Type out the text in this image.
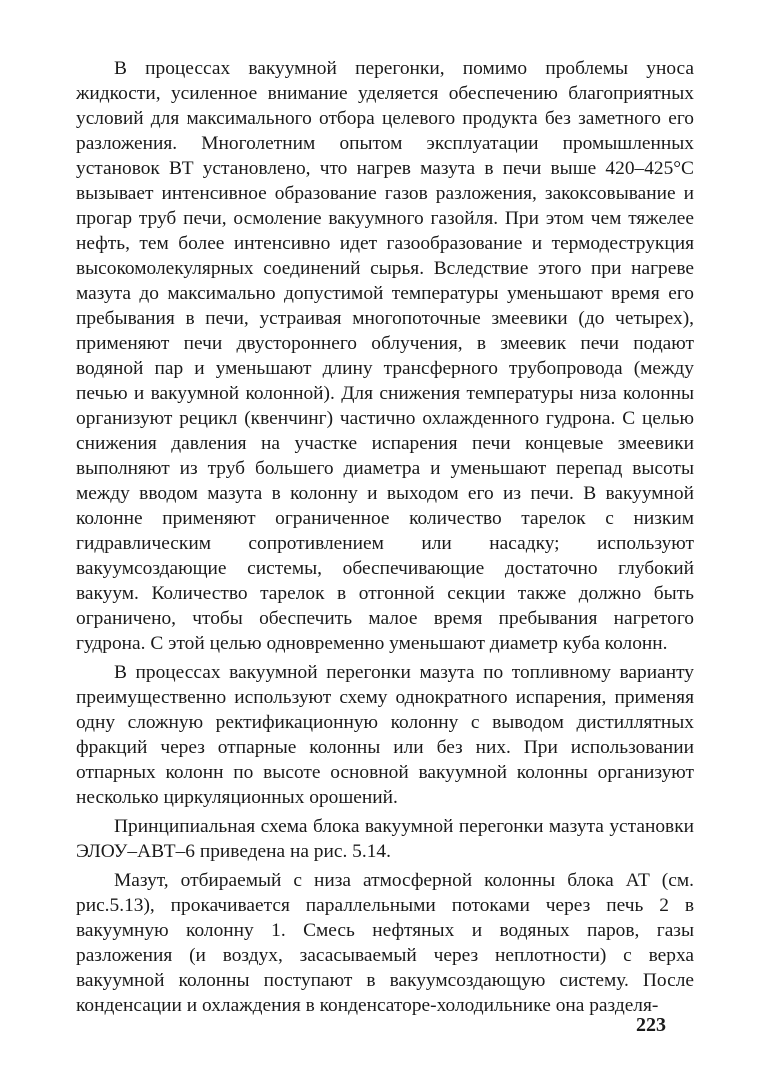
В процессах вакуумной перегонки, помимо проблемы уноса жидкости, усиленное внимание уделяется обеспечению благоприятных условий для максимального отбора целевого продукта без заметного его разложения. Многолетним опытом эксплуатации промышленных установок ВТ установлено, что нагрев мазута в печи выше 420–425°С вызывает интенсивное образование газов разложения, закоксовывание и прогар труб печи, осмоление вакуумного газойля. При этом чем тяжелее нефть, тем более интенсивно идет газообразование и термодеструкция высокомолекулярных соединений сырья. Вследствие этого при нагреве мазута до максимально допустимой температуры уменьшают время его пребывания в печи, устраивая многопоточные змеевики (до четырех), применяют печи двустороннего облучения, в змеевик печи подают водяной пар и уменьшают длину трансферного трубопровода (между печью и вакуумной колонной). Для снижения температуры низа колонны организуют рецикл (квенчинг) частично охлажденного гудрона. С целью снижения давления на участке испарения печи концевые змеевики выполняют из труб большего диаметра и уменьшают перепад высоты между вводом мазута в колонну и выходом его из печи. В вакуумной колонне применяют ограниченное количество тарелок с низким гидравлическим сопротивлением или насадку; используют вакуумсоздающие системы, обеспечивающие достаточно глубокий вакуум. Количество тарелок в отгонной секции также должно быть ограничено, чтобы обеспечить малое время пребывания нагретого гудрона. С этой целью одновременно уменьшают диаметр куба колонн.

В процессах вакуумной перегонки мазута по топливному варианту преимущественно используют схему однократного испарения, применяя одну сложную ректификационную колонну с выводом дистиллятных фракций через отпарные колонны или без них. При использовании отпарных колонн по высоте основной вакуумной колонны организуют несколько циркуляционных орошений.

Принципиальная схема блока вакуумной перегонки мазута установки ЭЛОУ–АВТ–6 приведена на рис. 5.14.

Мазут, отбираемый с низа атмосферной колонны блока АТ (см. рис.5.13), прокачивается параллельными потоками через печь 2 в вакуумную колонну 1. Смесь нефтяных и водяных паров, газы разложения (и воздух, засасываемый через неплотности) с верха вакуумной колонны поступают в вакуумсоздающую систему. После конденсации и охлаждения в конденсаторе-холодильнике она разделя-

223
